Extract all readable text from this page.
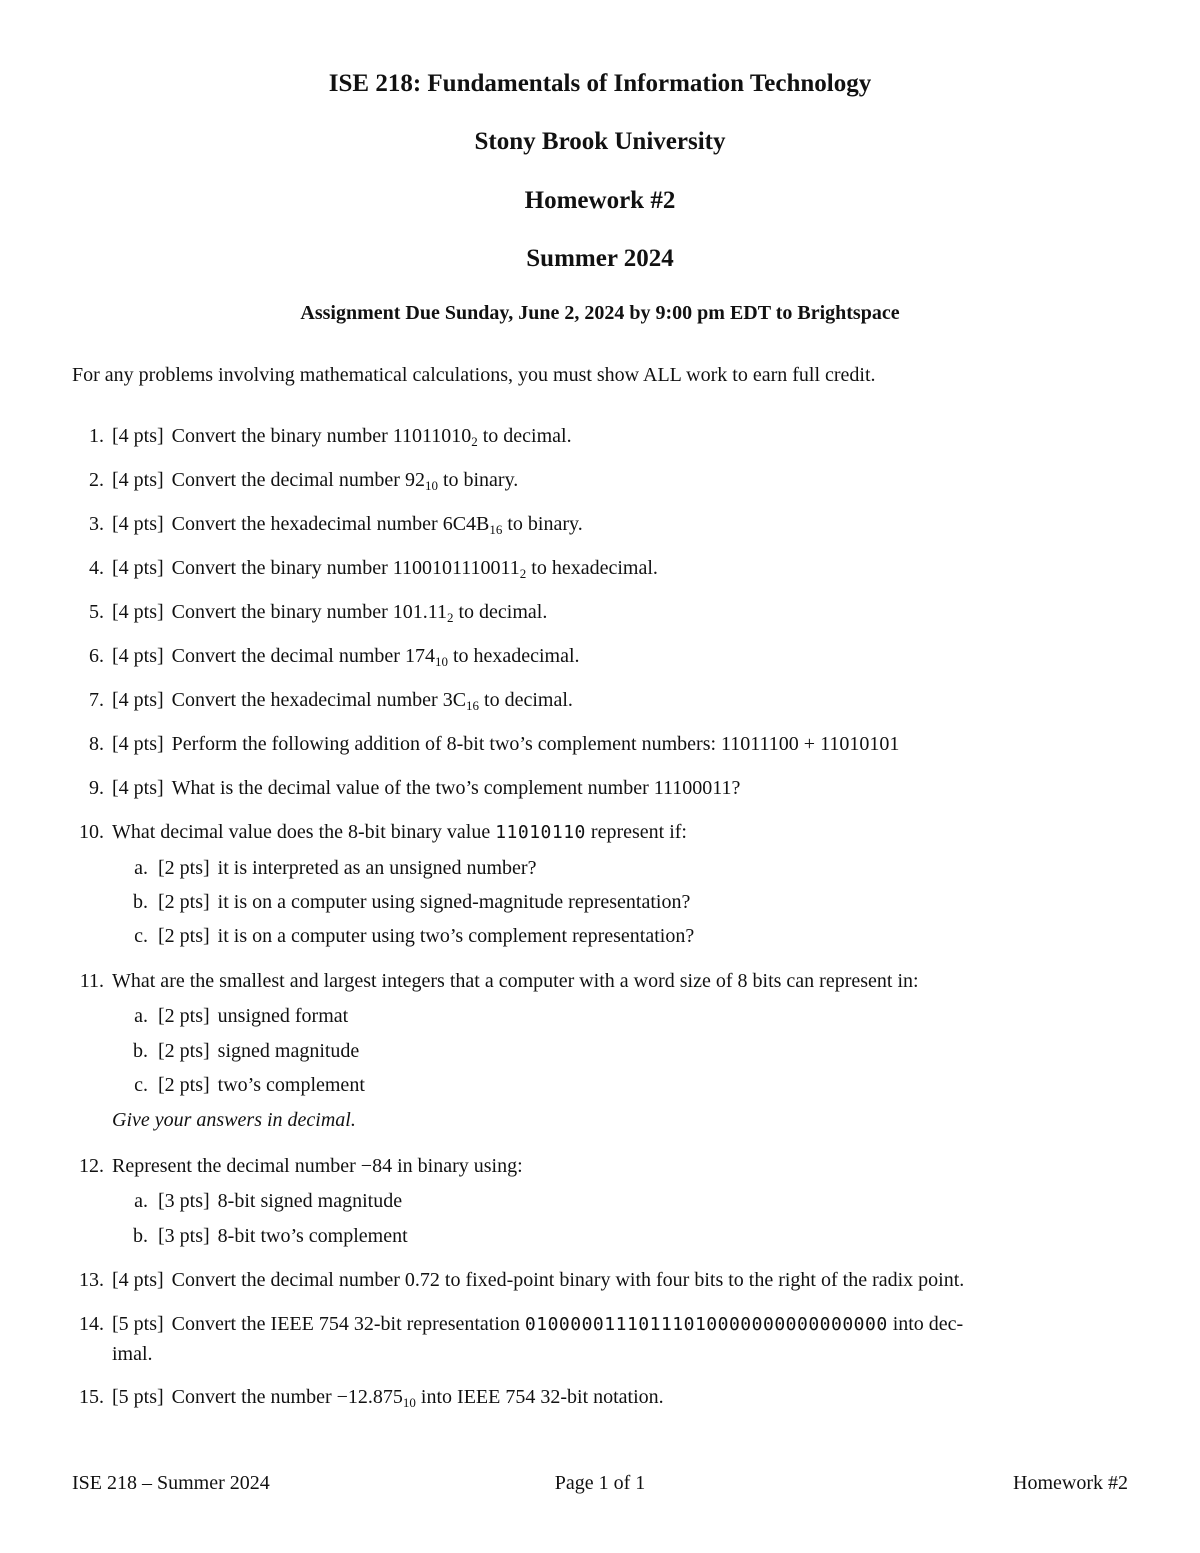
ISE 218: Fundamentals of Information Technology
Stony Brook University
Homework #2
Summer 2024
Assignment Due Sunday, June 2, 2024 by 9:00 pm EDT to Brightspace
For any problems involving mathematical calculations, you must show ALL work to earn full credit.
1. [4 pts] Convert the binary number $11011010_2$ to decimal.
2. [4 pts] Convert the decimal number $92_{10}$ to binary.
3. [4 pts] Convert the hexadecimal number $6C4B_{16}$ to binary.
4. [4 pts] Convert the binary number $1100101110011_2$ to hexadecimal.
5. [4 pts] Convert the binary number $101.11_2$ to decimal.
6. [4 pts] Convert the decimal number $174_{10}$ to hexadecimal.
7. [4 pts] Convert the hexadecimal number $3C_{16}$ to decimal.
8. [4 pts] Perform the following addition of 8-bit two’s complement numbers: 11011100 + 11010101
9. [4 pts] What is the decimal value of the two’s complement number 11100011?
10. What decimal value does the 8-bit binary value 11010110 represent if:
a. [2 pts] it is interpreted as an unsigned number?
b. [2 pts] it is on a computer using signed-magnitude representation?
c. [2 pts] it is on a computer using two’s complement representation?
11. What are the smallest and largest integers that a computer with a word size of 8 bits can represent in:
a. [2 pts] unsigned format
b. [2 pts] signed magnitude
c. [2 pts] two’s complement
Give your answers in decimal.
12. Represent the decimal number −84 in binary using:
a. [3 pts] 8-bit signed magnitude
b. [3 pts] 8-bit two’s complement
13. [4 pts] Convert the decimal number 0.72 to fixed-point binary with four bits to the right of the radix point.
14. [5 pts] Convert the IEEE 754 32-bit representation 01000001110111010000000000000000 into dec-
imal.
15. [5 pts] Convert the number $-12.875_{10}$ into IEEE 754 32-bit notation.
ISE 218 – Summer 2024	Page 1 of 1	Homework #2
